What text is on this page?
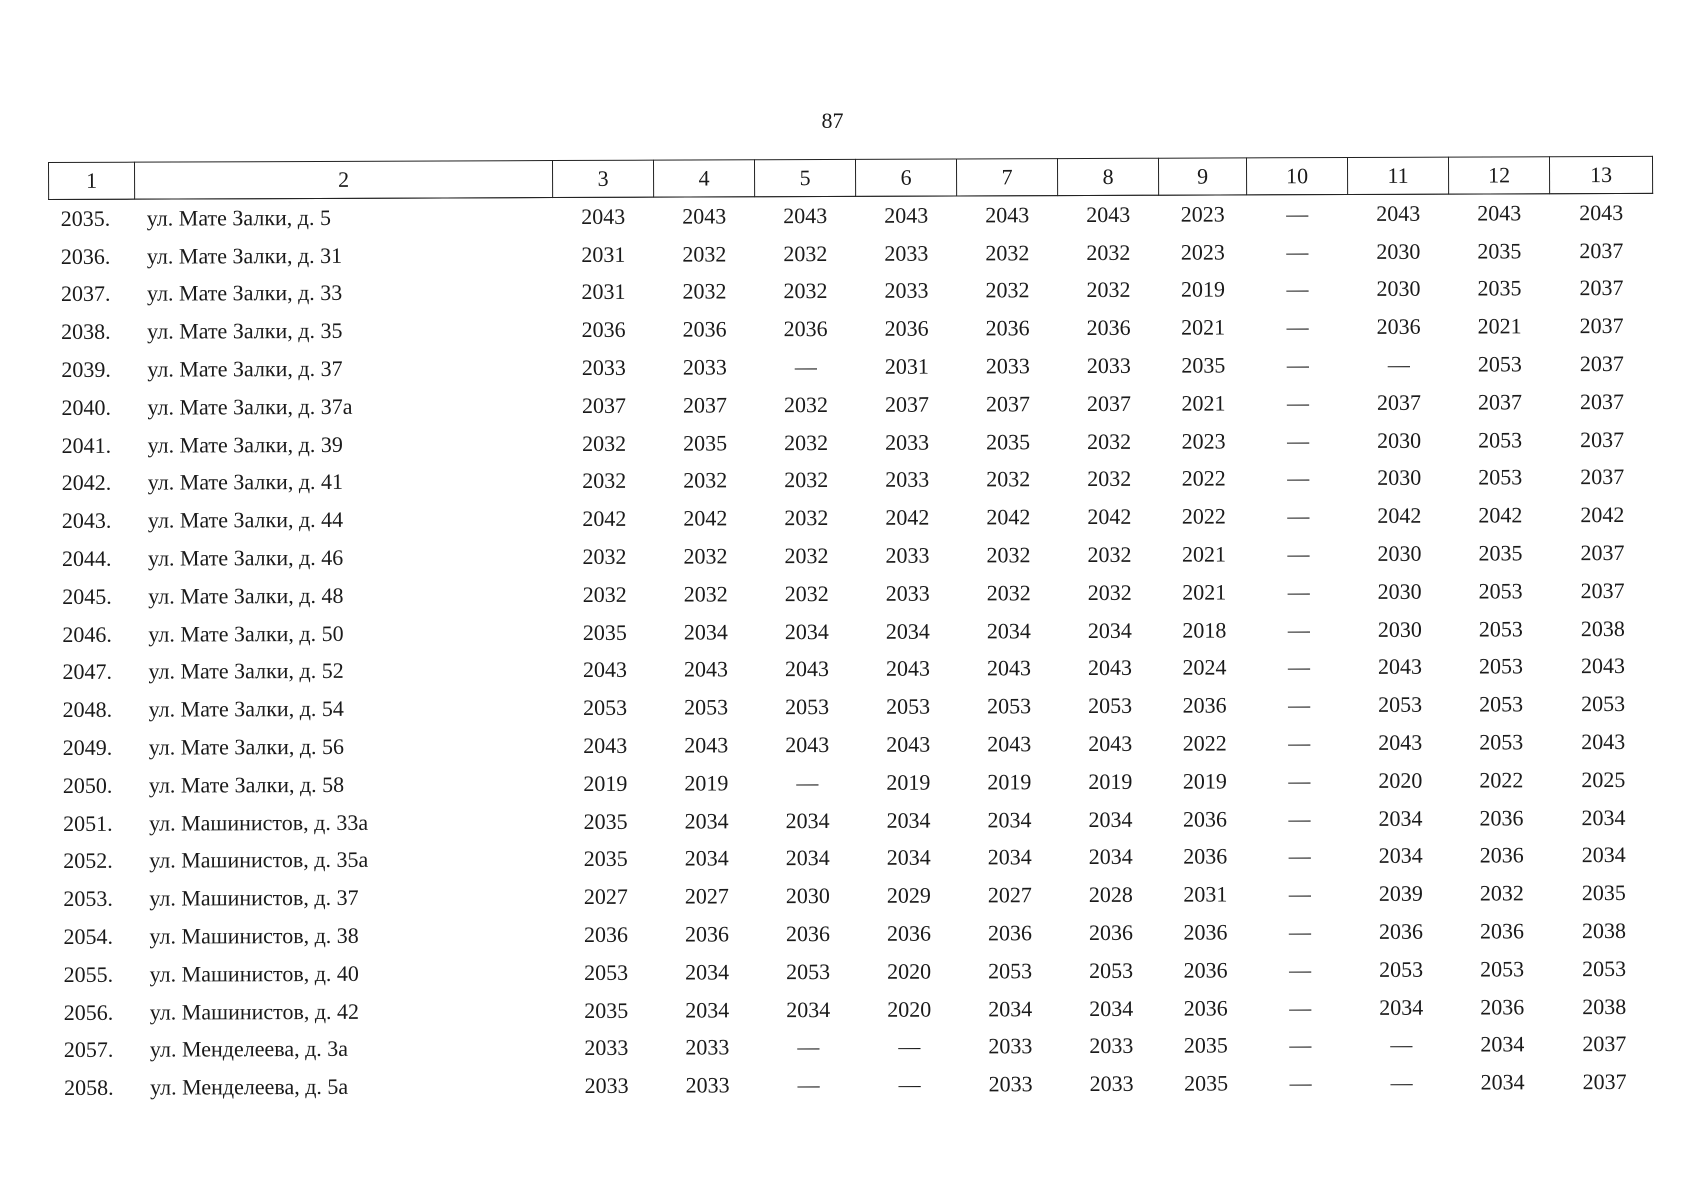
87
1	2	3	4	5	6	7	8	9	10	11	12	13
2035.	ул. Мате Залки, д. 5	2043	2043	2043	2043	2043	2043	2023	—	2043	2043	2043
2036.	ул. Мате Залки, д. 31	2031	2032	2032	2033	2032	2032	2023	—	2030	2035	2037
2037.	ул. Мате Залки, д. 33	2031	2032	2032	2033	2032	2032	2019	—	2030	2035	2037
2038.	ул. Мате Залки, д. 35	2036	2036	2036	2036	2036	2036	2021	—	2036	2021	2037
2039.	ул. Мате Залки, д. 37	2033	2033	—	2031	2033	2033	2035	—	—	2053	2037
2040.	ул. Мате Залки, д. 37а	2037	2037	2032	2037	2037	2037	2021	—	2037	2037	2037
2041.	ул. Мате Залки, д. 39	2032	2035	2032	2033	2035	2032	2023	—	2030	2053	2037
2042.	ул. Мате Залки, д. 41	2032	2032	2032	2033	2032	2032	2022	—	2030	2053	2037
2043.	ул. Мате Залки, д. 44	2042	2042	2032	2042	2042	2042	2022	—	2042	2042	2042
2044.	ул. Мате Залки, д. 46	2032	2032	2032	2033	2032	2032	2021	—	2030	2035	2037
2045.	ул. Мате Залки, д. 48	2032	2032	2032	2033	2032	2032	2021	—	2030	2053	2037
2046.	ул. Мате Залки, д. 50	2035	2034	2034	2034	2034	2034	2018	—	2030	2053	2038
2047.	ул. Мате Залки, д. 52	2043	2043	2043	2043	2043	2043	2024	—	2043	2053	2043
2048.	ул. Мате Залки, д. 54	2053	2053	2053	2053	2053	2053	2036	—	2053	2053	2053
2049.	ул. Мате Залки, д. 56	2043	2043	2043	2043	2043	2043	2022	—	2043	2053	2043
2050.	ул. Мате Залки, д. 58	2019	2019	—	2019	2019	2019	2019	—	2020	2022	2025
2051.	ул. Машинистов, д. 33а	2035	2034	2034	2034	2034	2034	2036	—	2034	2036	2034
2052.	ул. Машинистов, д. 35а	2035	2034	2034	2034	2034	2034	2036	—	2034	2036	2034
2053.	ул. Машинистов, д. 37	2027	2027	2030	2029	2027	2028	2031	—	2039	2032	2035
2054.	ул. Машинистов, д. 38	2036	2036	2036	2036	2036	2036	2036	—	2036	2036	2038
2055.	ул. Машинистов, д. 40	2053	2034	2053	2020	2053	2053	2036	—	2053	2053	2053
2056.	ул. Машинистов, д. 42	2035	2034	2034	2020	2034	2034	2036	—	2034	2036	2038
2057.	ул. Менделеева, д. 3а	2033	2033	—	—	2033	2033	2035	—	—	2034	2037
2058.	ул. Менделеева, д. 5а	2033	2033	—	—	2033	2033	2035	—	—	2034	2037
